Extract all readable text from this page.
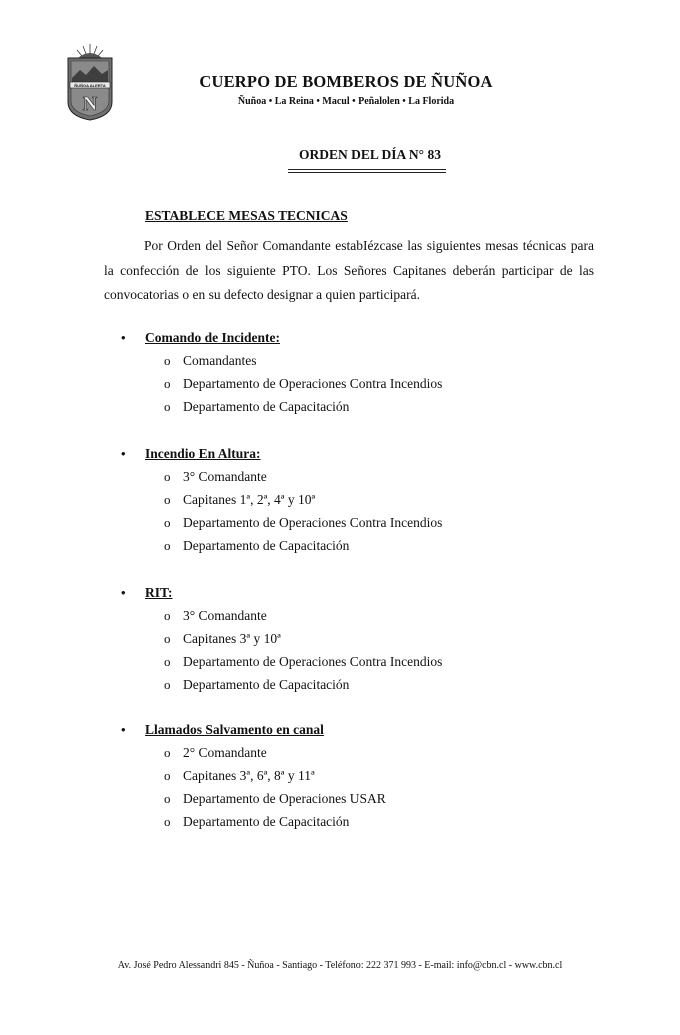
ÑUÑOA ALERTA
N
CUERPO DE BOMBEROS DE ÑUÑOA
Ñuñoa • La Reina • Macul • Peñalolen • La Florida
ORDEN DEL DÍA N° 83
ESTABLECE MESAS TECNICAS
Por Orden del Señor Comandante estabIézcase las siguientes mesas técnicas para la confección de los siguiente PTO. Los Señores Capitanes deberán participar de las convocatorias o en su defecto designar a quien participará.
• Comando de Incidente:
o Comandantes
o Departamento de Operaciones Contra Incendios
o Departamento de Capacitación
• Incendio En Altura:
o 3° Comandante
o Capitanes 1ª, 2ª, 4ª y 10ª
o Departamento de Operaciones Contra Incendios
o Departamento de Capacitación
• RIT:
o 3° Comandante
o Capitanes 3ª y 10ª
o Departamento de Operaciones Contra Incendios
o Departamento de Capacitación
• Llamados Salvamento en canal
o 2° Comandante
o Capitanes 3ª, 6ª, 8ª y 11ª
o Departamento de Operaciones USAR
o Departamento de Capacitación
Av. José Pedro Alessandri 845 - Ñuñoa - Santiago - Teléfono: 222 371 993 - E-mail: info@cbn.cl - www.cbn.cl
